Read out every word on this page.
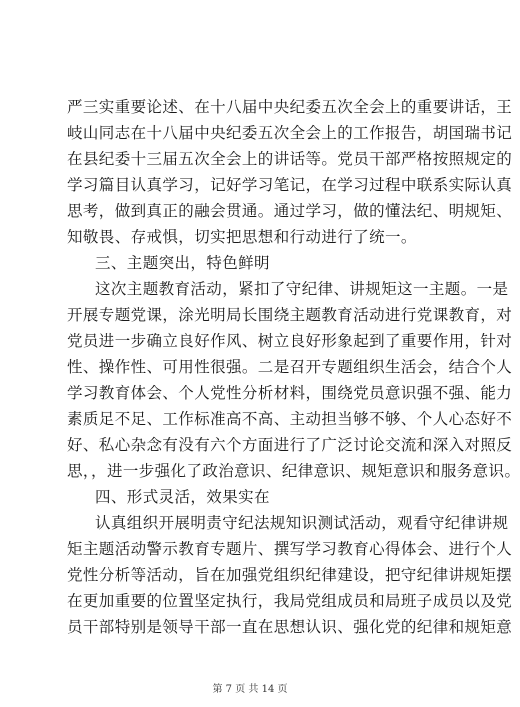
严三实重要论述、在十八届中央纪委五次全会上的重要讲话，王
岐山同志在十八届中央纪委五次全会上的工作报告，胡国瑞书记
在县纪委十三届五次全会上的讲话等。党员干部严格按照规定的
学习篇目认真学习，记好学习笔记，在学习过程中联系实际认真
思考，做到真正的融会贯通。通过学习，做的懂法纪、明规矩、
知敬畏、存戒惧，切实把思想和行动进行了统一。
三、主题突出，特色鲜明
这次主题教育活动，紧扣了守纪律、讲规矩这一主题。一是
开展专题党课，涂光明局长围绕主题教育活动进行党课教育，对
党员进一步确立良好作风、树立良好形象起到了重要作用，针对
性、操作性、可用性很强。二是召开专题组织生活会，结合个人
学习教育体会、个人党性分析材料，围绕党员意识强不强、能力
素质足不足、工作标准高不高、主动担当够不够、个人心态好不
好、私心杂念有没有六个方面进行了广泛讨论交流和深入对照反
思，，进一步强化了政治意识、纪律意识、规矩意识和服务意识。
四、形式灵活，效果实在
认真组织开展明责守纪法规知识测试活动，观看守纪律讲规
矩主题活动警示教育专题片、撰写学习教育心得体会、进行个人
党性分析等活动，旨在加强党组织纪律建设，把守纪律讲规矩摆
在更加重要的位置坚定执行，我局党组成员和局班子成员以及党
员干部特别是领导干部一直在思想认识、强化党的纪律和规矩意
第 7 页 共 14 页
